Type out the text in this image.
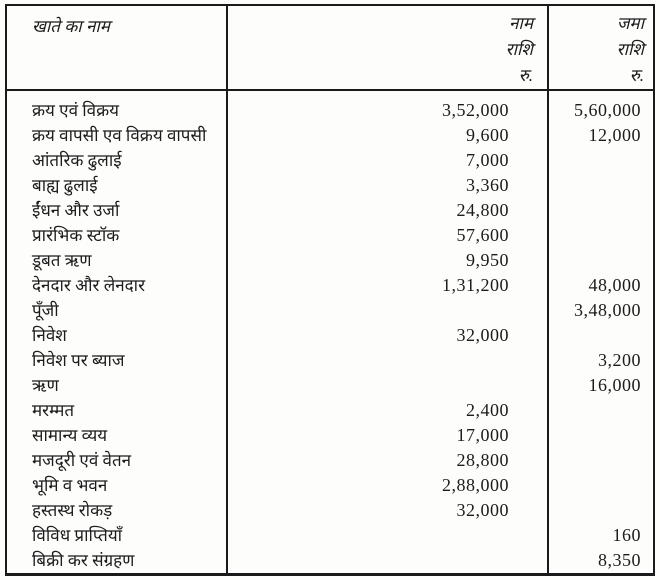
खाते का नाम	नाम
राशि
रु.
जमा
राशि
रु.
क्रय एवं विक्रय
क्रय वापसी एव विक्रय वापसी
आंतरिक ढुलाई
बाह्य ढुलाई
ईंधन और उर्जा
प्रारंभिक स्टॉक
डूबत ऋण
देनदार और लेनदार
पूँजी
निवेश
निवेश पर ब्याज
ऋण
मरम्मत
सामान्य व्यय
मजदूरी एवं वेतन
भूमि व भवन
हस्तस्थ रोकड़
विविध प्राप्तियाँ
बिक्री कर संग्रहण
3,52,000
9,600
7,000
3,360
24,800
57,600
9,950
1,31,200
32,000
2,400
17,000
28,800
2,88,000
32,000
5,60,000
12,000
48,000
3,48,000
3,200
16,000
160
8,350
